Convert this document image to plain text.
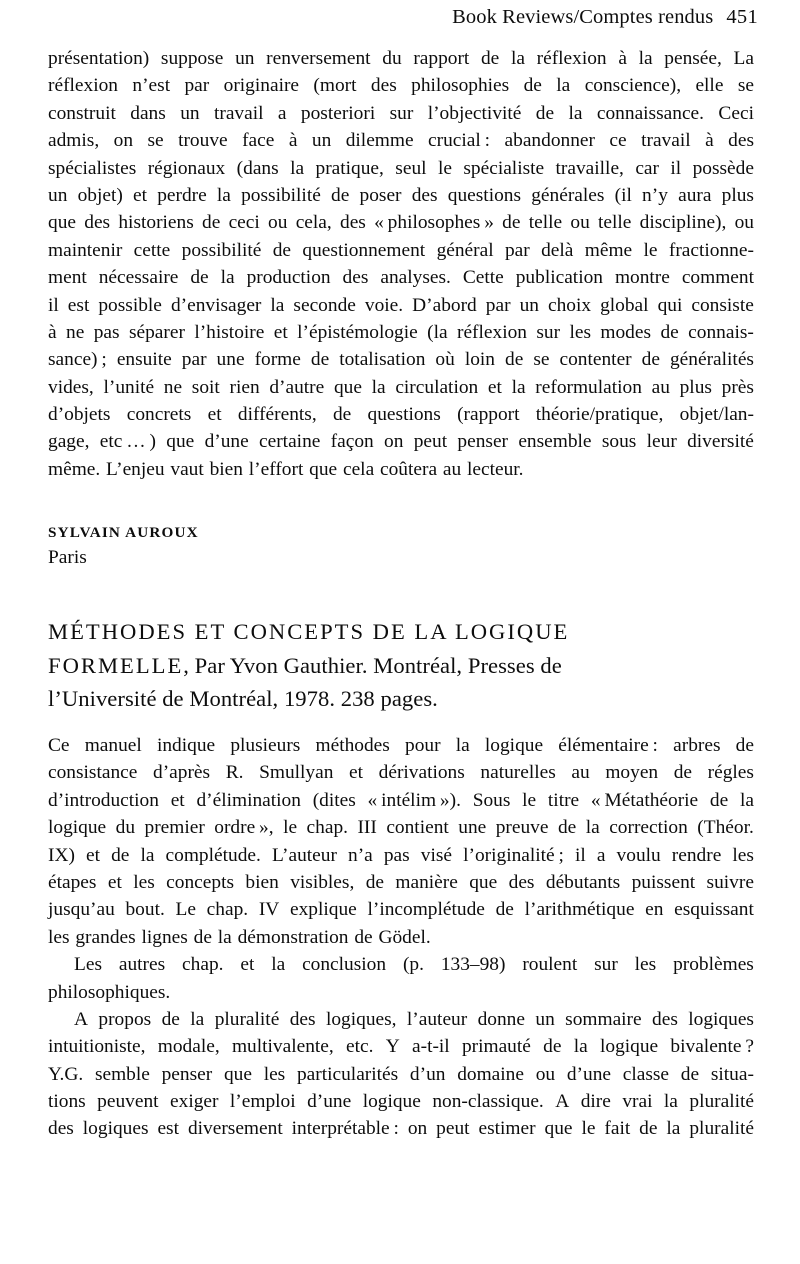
Book Reviews/Comptes rendus 451
présentation) suppose un renversement du rapport de la réflexion à la pensée, La
réflexion n’est par originaire (mort des philosophies de la conscience), elle se
construit dans un travail a posteriori sur l’objectivité de la connaissance. Ceci
admis, on se trouve face à un dilemme crucial : abandonner ce travail à des
spécialistes régionaux (dans la pratique, seul le spécialiste travaille, car il possède
un objet) et perdre la possibilité de poser des questions générales (il n’y aura plus
que des historiens de ceci ou cela, des « philosophes » de telle ou telle discipline), ou
maintenir cette possibilité de questionnement général par delà même le fractionne-
ment nécessaire de la production des analyses. Cette publication montre comment
il est possible d’envisager la seconde voie. D’abord par un choix global qui consiste
à ne pas séparer l’histoire et l’épistémologie (la réflexion sur les modes de connais-
sance) ; ensuite par une forme de totalisation où loin de se contenter de généralités
vides, l’unité ne soit rien d’autre que la circulation et la reformulation au plus près
d’objets concrets et différents, de questions (rapport théorie/pratique, objet/lan-
gage, etc … ) que d’une certaine façon on peut penser ensemble sous leur diversité
même. L’enjeu vaut bien l’effort que cela coûtera au lecteur.
SYLVAIN AUROUX
Paris
MÉTHODES ET CONCEPTS DE LA LOGIQUE
FORMELLE, Par Yvon Gauthier. Montréal, Presses de
l’Université de Montréal, 1978. 238 pages.
Ce manuel indique plusieurs méthodes pour la logique élémentaire : arbres de
consistance d’après R. Smullyan et dérivations naturelles au moyen de régles
d’introduction et d’élimination (dites « intélim »). Sous le titre « Métathéorie de la
logique du premier ordre », le chap. III contient une preuve de la correction (Théor.
IX) et de la complétude. L’auteur n’a pas visé l’originalité ; il a voulu rendre les
étapes et les concepts bien visibles, de manière que des débutants puissent suivre
jusqu’au bout. Le chap. IV explique l’incomplétude de l’arithmétique en esquissant
les grandes lignes de la démonstration de Gödel.
Les autres chap. et la conclusion (p. 133–98) roulent sur les problèmes
philosophiques.
A propos de la pluralité des logiques, l’auteur donne un sommaire des logiques
intuitioniste, modale, multivalente, etc. Y a-t-il primauté de la logique bivalente ?
Y.G. semble penser que les particularités d’un domaine ou d’une classe de situa-
tions peuvent exiger l’emploi d’une logique non-classique. A dire vrai la pluralité
des logiques est diversement interprétable : on peut estimer que le fait de la pluralité
